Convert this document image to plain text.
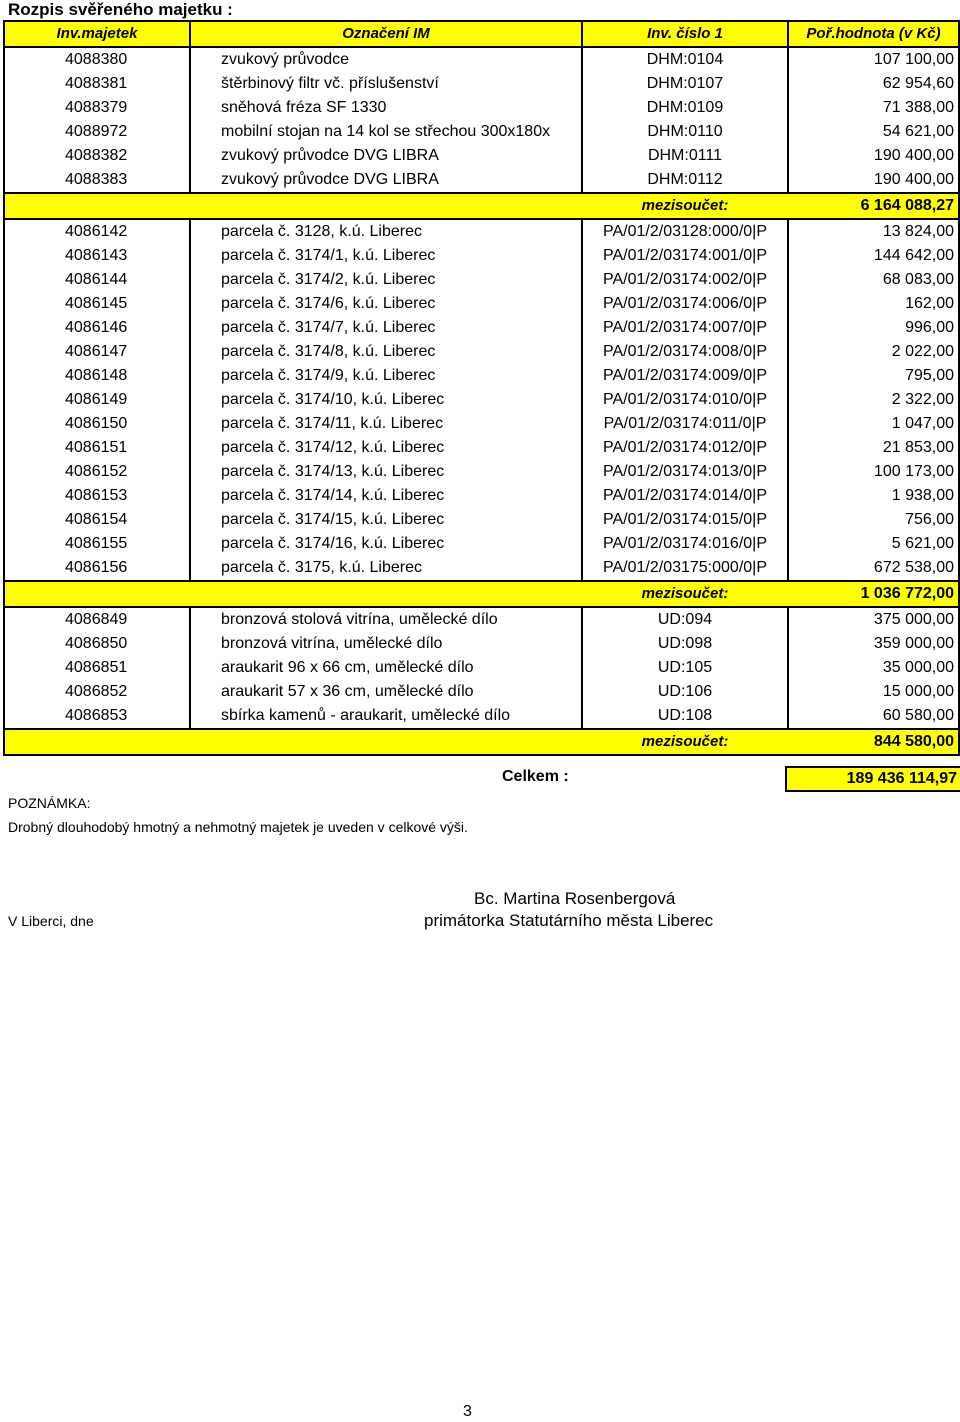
Rozpis svěřeného majetku :
Inv.majetek	Označení IM	Inv. číslo 1	Poř.hodnota (v Kč)
4088380	zvukový průvodce	DHM:0104	107 100,00
4088381	štěrbinový filtr vč. příslušenství	DHM:0107	62 954,60
4088379	sněhová fréza SF 1330	DHM:0109	71 388,00
4088972	mobilní stojan na 14 kol se střechou 300x180x	DHM:0110	54 621,00
4088382	zvukový průvodce DVG LIBRA	DHM:0111	190 400,00
4088383	zvukový průvodce DVG LIBRA	DHM:0112	190 400,00
		mezisoučet:	6 164 088,27
4086142	parcela č. 3128, k.ú. Liberec	PA/01/2/03128:000/0|P	13 824,00
4086143	parcela č. 3174/1, k.ú. Liberec	PA/01/2/03174:001/0|P	144 642,00
4086144	parcela č. 3174/2, k.ú. Liberec	PA/01/2/03174:002/0|P	68 083,00
4086145	parcela č. 3174/6, k.ú. Liberec	PA/01/2/03174:006/0|P	162,00
4086146	parcela č. 3174/7, k.ú. Liberec	PA/01/2/03174:007/0|P	996,00
4086147	parcela č. 3174/8, k.ú. Liberec	PA/01/2/03174:008/0|P	2 022,00
4086148	parcela č. 3174/9, k.ú. Liberec	PA/01/2/03174:009/0|P	795,00
4086149	parcela č. 3174/10, k.ú. Liberec	PA/01/2/03174:010/0|P	2 322,00
4086150	parcela č. 3174/11, k.ú. Liberec	PA/01/2/03174:011/0|P	1 047,00
4086151	parcela č. 3174/12, k.ú. Liberec	PA/01/2/03174:012/0|P	21 853,00
4086152	parcela č. 3174/13, k.ú. Liberec	PA/01/2/03174:013/0|P	100 173,00
4086153	parcela č. 3174/14, k.ú. Liberec	PA/01/2/03174:014/0|P	1 938,00
4086154	parcela č. 3174/15, k.ú. Liberec	PA/01/2/03174:015/0|P	756,00
4086155	parcela č. 3174/16, k.ú. Liberec	PA/01/2/03174:016/0|P	5 621,00
4086156	parcela č. 3175, k.ú. Liberec	PA/01/2/03175:000/0|P	672 538,00
		mezisoučet:	1 036 772,00
4086849	bronzová stolová vitrína, umělecké dílo	UD:094	375 000,00
4086850	bronzová vitrína, umělecké dílo	UD:098	359 000,00
4086851	araukarit 96 x 66 cm, umělecké dílo	UD:105	35 000,00
4086852	araukarit 57 x 36 cm, umělecké dílo	UD:106	15 000,00
4086853	sbírka kamenů - araukarit, umělecké dílo	UD:108	60 580,00
		mezisoučet:	844 580,00
Celkem :	189 436 114,97
POZNÁMKA:
Drobný dlouhodobý hmotný a nehmotný majetek je uveden v celkové výši.
V Liberci, dne
Bc. Martina Rosenbergová
primátorka Statutárního města Liberec
3
